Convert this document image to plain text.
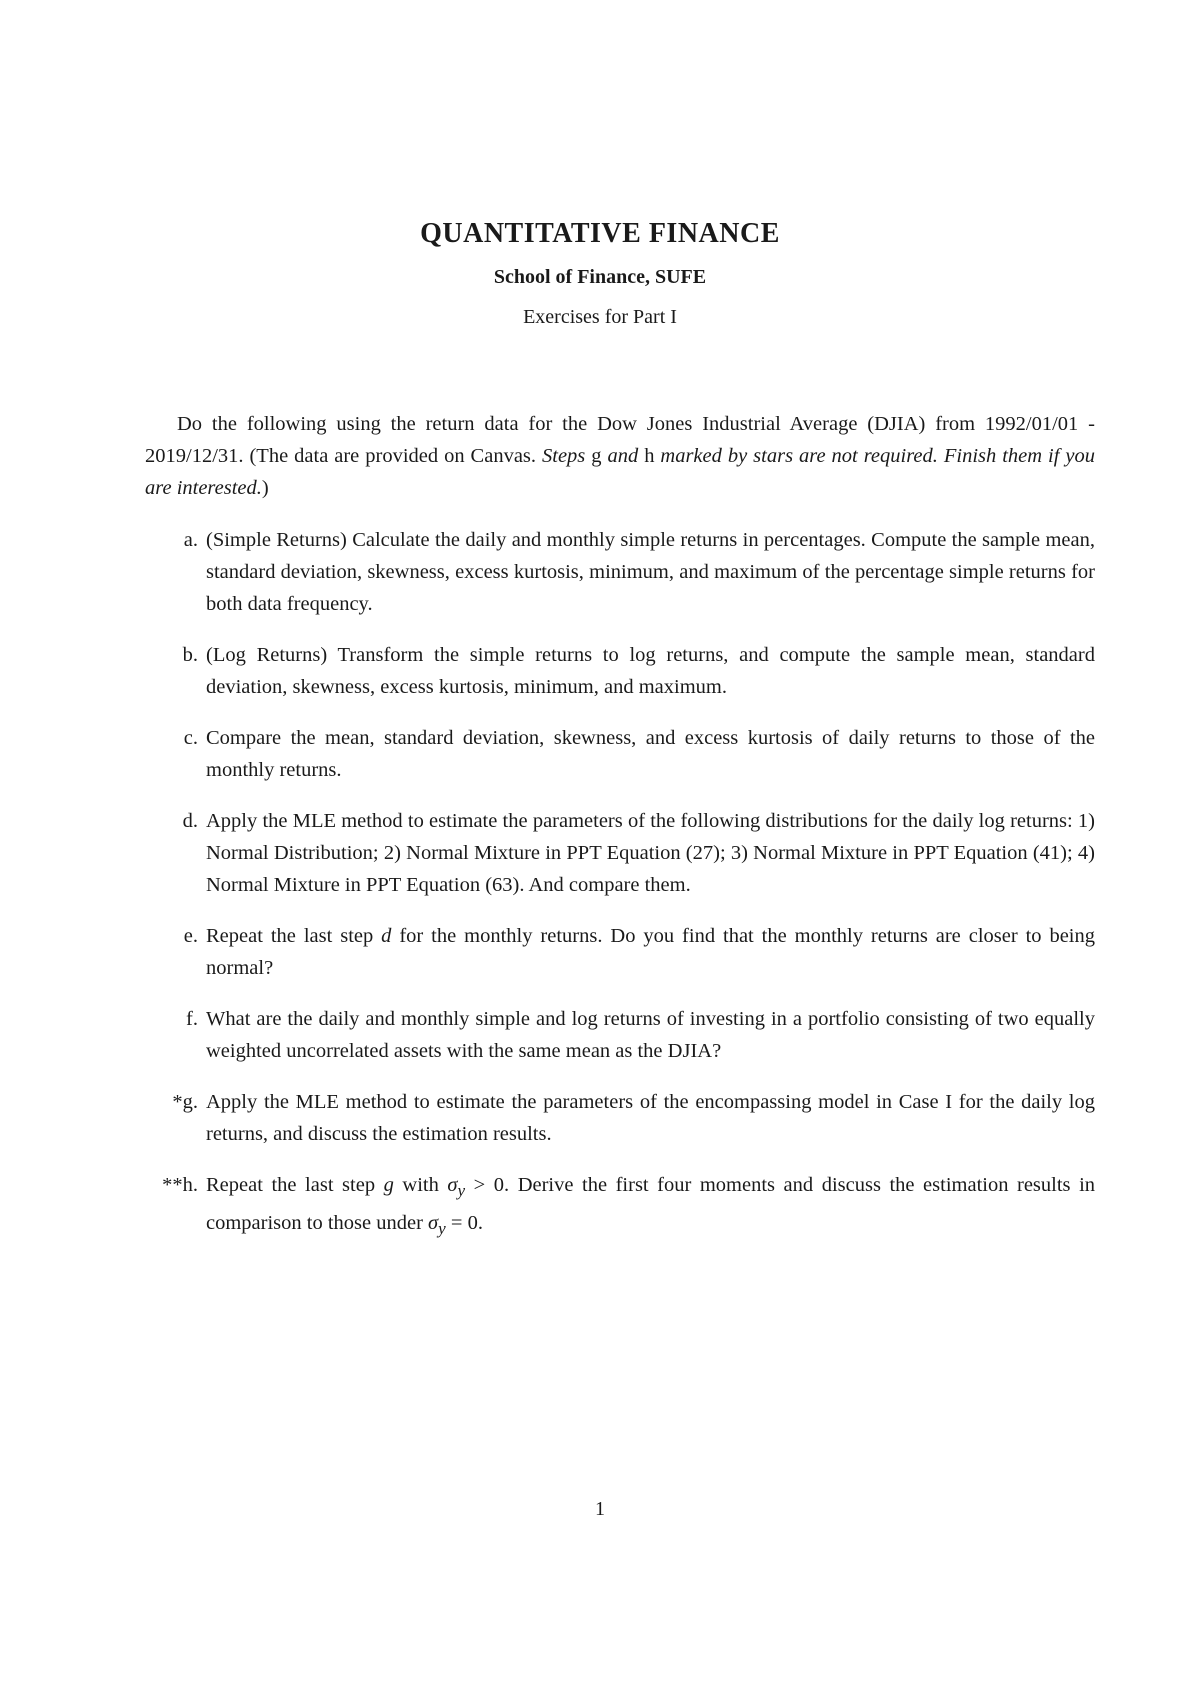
QUANTITATIVE FINANCE
School of Finance, SUFE
Exercises for Part I
Do the following using the return data for the Dow Jones Industrial Average (DJIA) from 1992/01/01 - 2019/12/31. (The data are provided on Canvas. Steps g and h marked by stars are not required. Finish them if you are interested.)
a. (Simple Returns) Calculate the daily and monthly simple returns in percentages. Compute the sample mean, standard deviation, skewness, excess kurtosis, minimum, and maximum of the percentage simple returns for both data frequency.
b. (Log Returns) Transform the simple returns to log returns, and compute the sample mean, standard deviation, skewness, excess kurtosis, minimum, and maximum.
c. Compare the mean, standard deviation, skewness, and excess kurtosis of daily returns to those of the monthly returns.
d. Apply the MLE method to estimate the parameters of the following distributions for the daily log returns: 1) Normal Distribution; 2) Normal Mixture in PPT Equation (27); 3) Normal Mixture in PPT Equation (41); 4) Normal Mixture in PPT Equation (63). And compare them.
e. Repeat the last step d for the monthly returns. Do you find that the monthly returns are closer to being normal?
f. What are the daily and monthly simple and log returns of investing in a portfolio consisting of two equally weighted uncorrelated assets with the same mean as the DJIA?
*g. Apply the MLE method to estimate the parameters of the encompassing model in Case I for the daily log returns, and discuss the estimation results.
**h. Repeat the last step g with $\sigma_y > 0$. Derive the first four moments and discuss the estimation results in comparison to those under $\sigma_y = 0$.
1
